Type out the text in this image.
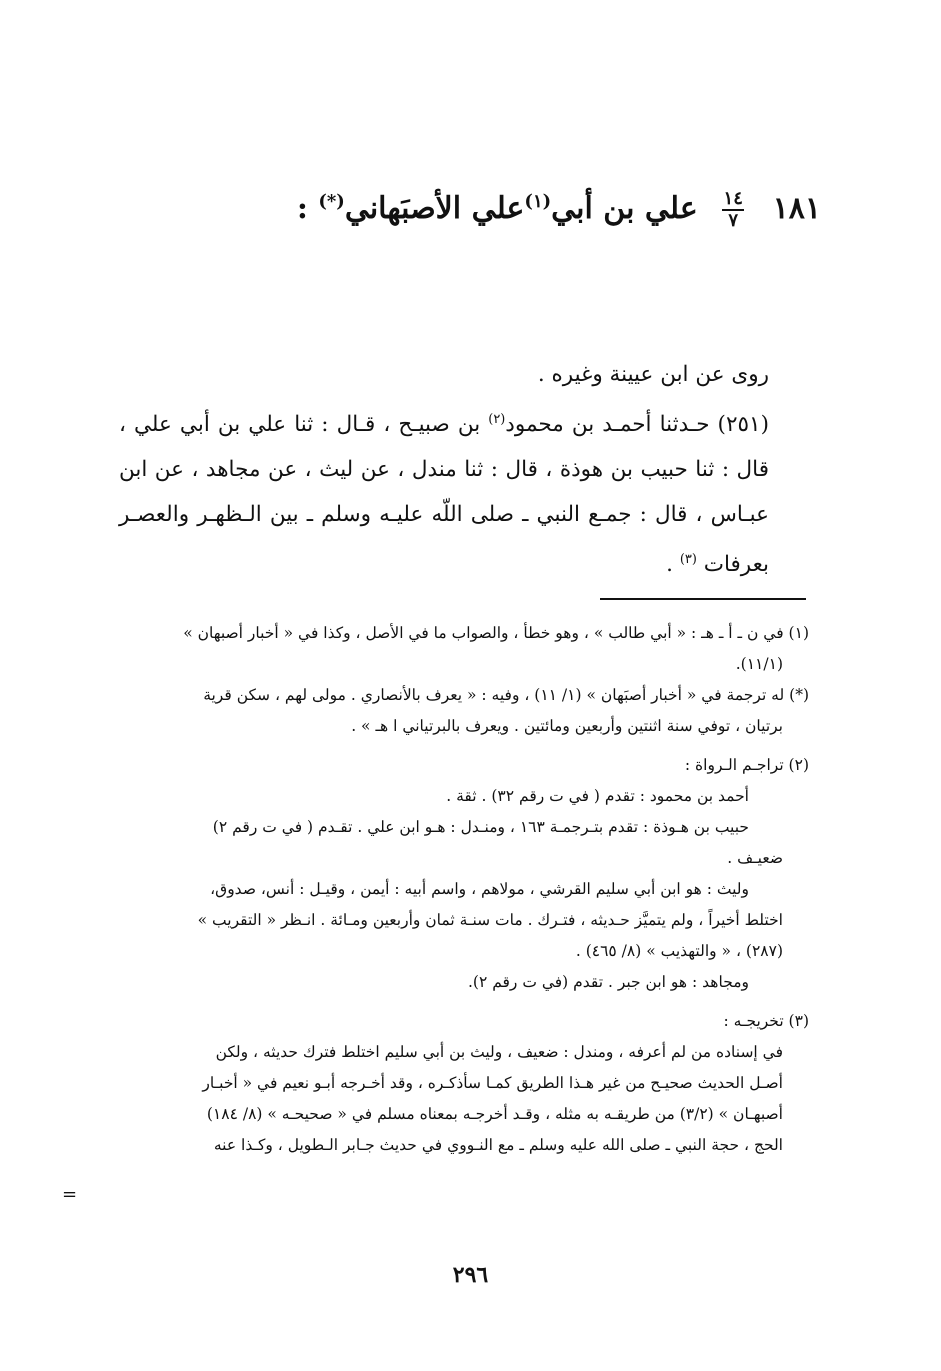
١٨١
$\frac{١٤}{٧}$
علي بن أبي$^{(١)}$علي الأصبَهاني(*) :

روى عن ابن عيينة وغيره .

(٢٥١) حـدثنا أحمـد بن محمود$^{(٢)}$ بن صبيـح ، قـال : ثنا علي بن أبي علي ، قال : ثنا حبيب بن هوذة ، قال : ثنا مندل ، عن ليث ، عن مجاهد ، عن ابن عبـاس ، قال : جمـع النبي ـ صلى اللّه عليـه وسلم ـ بين الـظهـر والعصـر بعرفات $^{(٣)}$ .

(١) في ن ـ أ ـ هـ : « أبي طالب » ، وهو خطأ ، والصواب ما في الأصل ، وكذا في « أخبار أصبهان »

(١١/١).

(*) له ترجمة في « أخبار أصبَهان » (١/ ١١) ، وفيه : « يعرف بالأنصاري . مولى لهم ، سكن قرية

برتيان ، توفي سنة اثنتين وأربعين ومائتين . ويعرف بالبرتياني ا هـ » .

(٢) تراجـم الـرواة :

أحمد بن محمود : تقدم ( في ت رقم ٣٢) . ثقة .

حبيب بن هـوذة : تقدم بتـرجمـة ١٦٣ ، ومنـدل : هـو ابن علي . تقـدم ( في ت رقم ٢)

ضعيـف .

وليث : هو ابن أبي سليم القرشي ، مولاهم ، واسم أبيه : أيمن ، وقيـل : أنس، صدوق،

اختلط أخيراً ، ولم يتميَّز حـديثه ، فتـرك . مات سنـة ثمان وأربعين ومـائة . انـظر « التقريب »

(٢٨٧) ، « والتهذيب » (٨/ ٤٦٥) .

ومجاهد : هو ابن جبر . تقدم (في ت رقم ٢).

(٣) تخريجـه :

في إسناده من لم أعرفه ، ومندل : ضعيف ، وليث بن أبي سليم اختلط فترك حديثه ، ولكن

أصـل الحديث صحيـح من غير هـذا الطريق كمـا سأذكـره ، وقد أخـرجه أبـو نعيم في « أخبـار

أصبهـان » (٣/٢) من طريقـه به مثله ، وقـد أخرجـه بمعناه مسلم في « صحيحـه » (٨/ ١٨٤)

الحج ، حجة النبي ـ صلى الله عليه وسلم ـ مع النـووي في حديث جـابر الـطويل ، وكـذا عنه

=
٢٩٦
